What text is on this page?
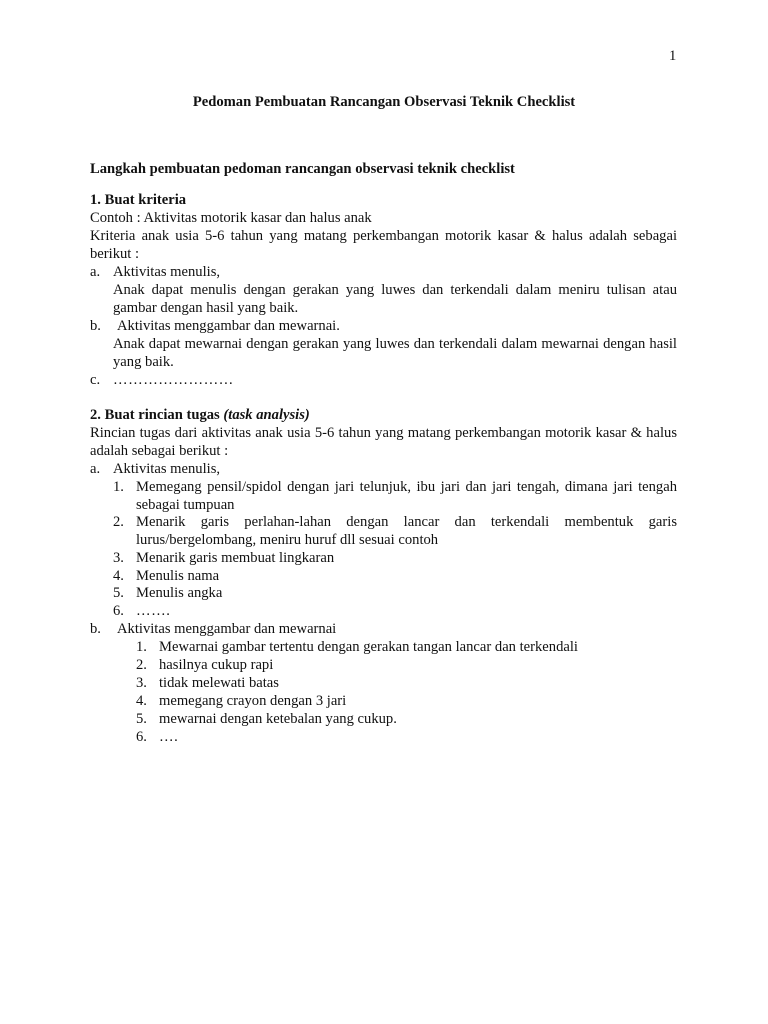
1
Pedoman Pembuatan Rancangan Observasi Teknik Checklist
Langkah pembuatan pedoman rancangan observasi teknik checklist
1. Buat kriteria
Contoh : Aktivitas motorik kasar dan halus anak
Kriteria anak usia 5-6 tahun yang matang perkembangan motorik kasar & halus adalah sebagai berikut :
a. Aktivitas menulis,
Anak dapat menulis dengan gerakan yang luwes dan terkendali dalam meniru tulisan atau gambar dengan hasil yang baik.
b. Aktivitas menggambar dan mewarnai.
Anak dapat mewarnai dengan gerakan yang luwes dan terkendali dalam mewarnai dengan hasil yang baik.
c. ……………………
2. Buat rincian tugas (task analysis)
Rincian tugas dari aktivitas anak usia 5-6 tahun yang matang perkembangan motorik kasar & halus adalah sebagai berikut :
a. Aktivitas menulis,
1. Memegang pensil/spidol dengan jari telunjuk, ibu jari dan jari tengah, dimana jari tengah sebagai tumpuan
2. Menarik garis perlahan-lahan dengan lancar dan terkendali membentuk garis lurus/bergelombang, meniru huruf dll sesuai contoh
3. Menarik garis membuat lingkaran
4. Menulis nama
5. Menulis angka
6. …….
b. Aktivitas menggambar dan mewarnai
1. Mewarnai gambar tertentu dengan gerakan tangan lancar dan terkendali
2. hasilnya cukup rapi
3. tidak melewati batas
4. memegang crayon dengan 3 jari
5. mewarnai dengan ketebalan yang cukup.
6. ….
